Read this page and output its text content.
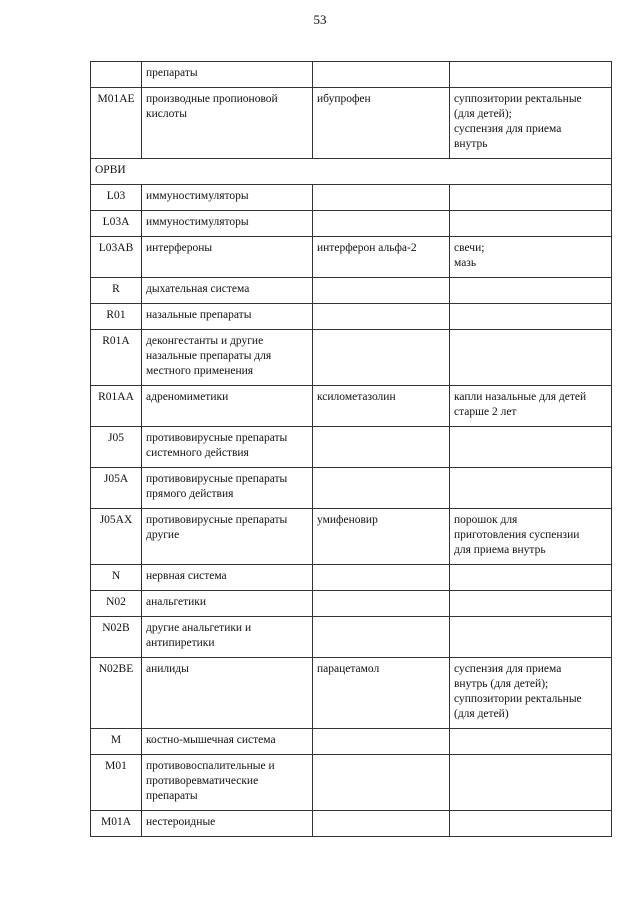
53
	препараты		
M01AE	производные пропионовой
кислоты	ибупрофен	суппозитории ректальные
(для детей);
суспензия для приема
внутрь
ОРВИ			
L03	иммуностимуляторы		
L03A	иммуностимуляторы		
L03AB	интерфероны	интерферон альфа-2	свечи;
мазь
R	дыхательная система		
R01	назальные препараты		
R01A	деконгестанты и другие
назальные препараты для
местного применения		
R01AA	адреномиметики	ксилометазолин	капли назальные для детей
старше 2 лет
J05	противовирусные препараты
системного действия		
J05A	противовирусные препараты
прямого действия		
J05AX	противовирусные препараты
другие	умифеновир	порошок для
приготовления суспензии
для приема внутрь
N	нервная система		
N02	анальгетики		
N02B	другие анальгетики и
антипиретики		
N02BE	анилиды	парацетамол	суспензия для приема
внутрь (для детей);
суппозитории ректальные
(для детей)
M	костно-мышечная система		
M01	противовоспалительные и
противоревматические
препараты		
M01A	нестероидные		
